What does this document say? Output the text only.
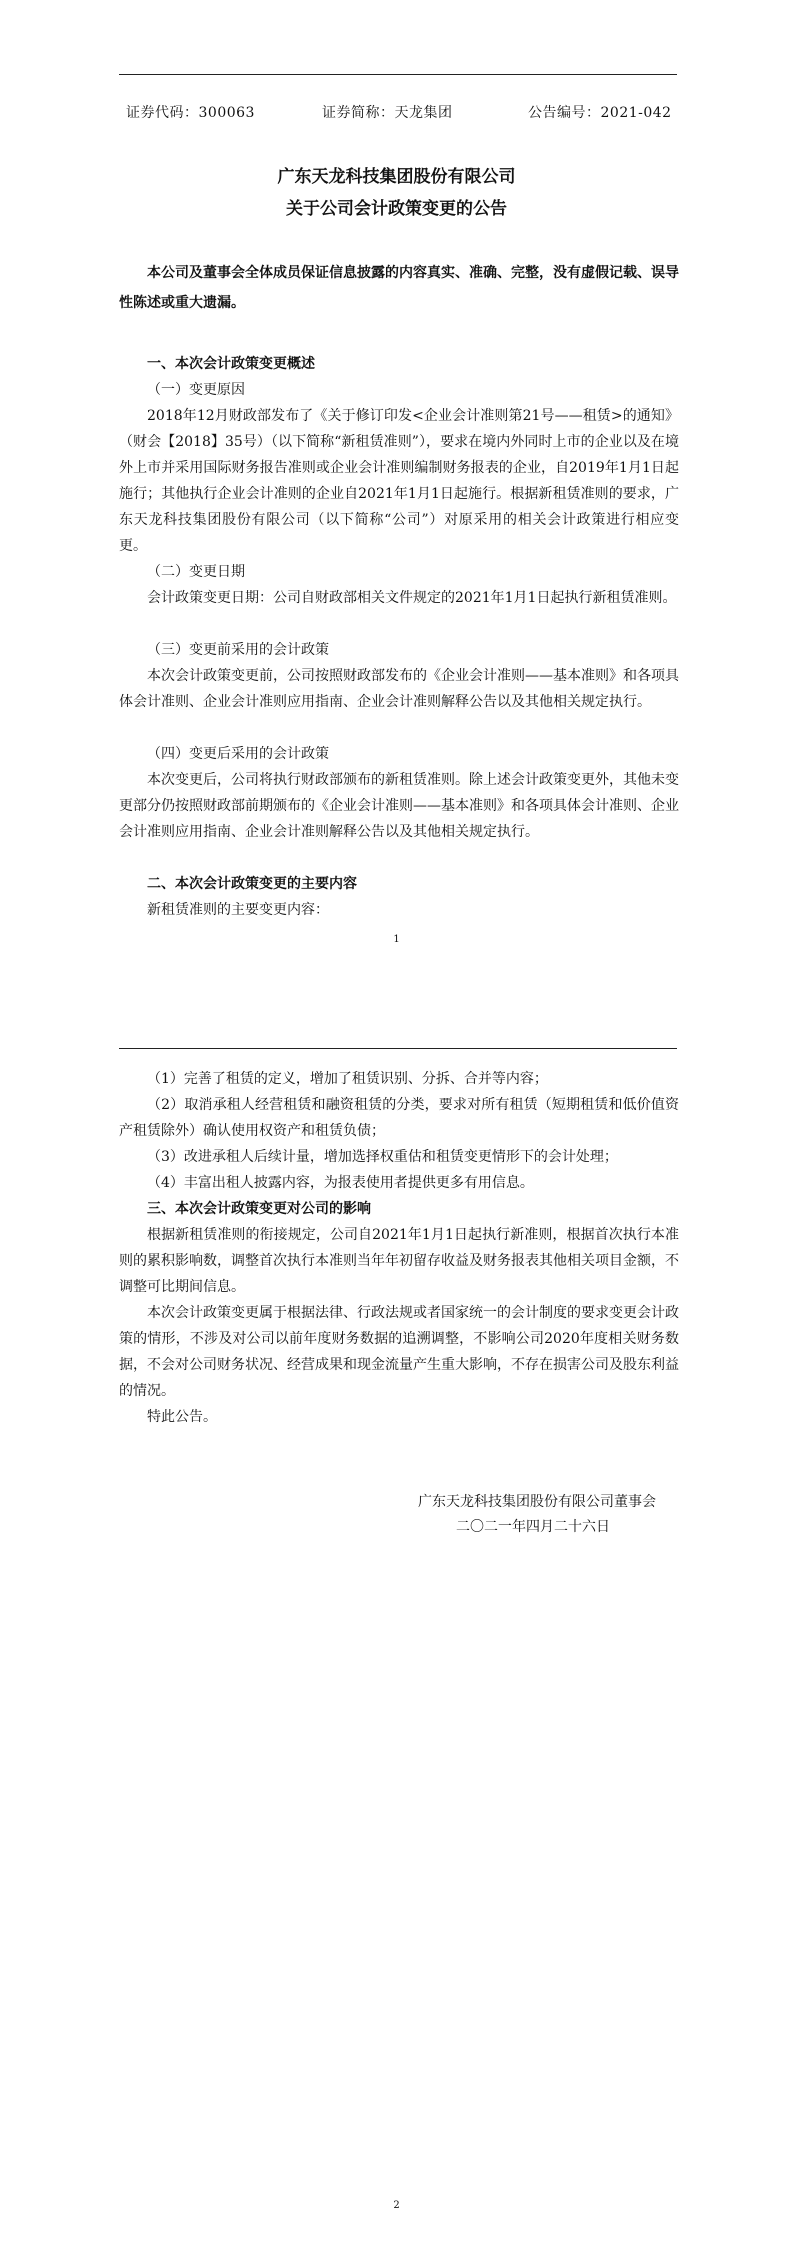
证券代码：300063	证券简称：天龙集团	公告编号：2021-042
广东天龙科技集团股份有限公司
关于公司会计政策变更的公告

本公司及董事会全体成员保证信息披露的内容真实、准确、完整，没有虚假记载、误导性陈述或重大遗漏。

一、本次会计政策变更概述

（一）变更原因

2018年12月财政部发布了《关于修订印发<企业会计准则第21号——租赁>的通知》（财会【2018】35号）（以下简称“新租赁准则”），要求在境内外同时上市的企业以及在境外上市并采用国际财务报告准则或企业会计准则编制财务报表的企业，自2019年1月1日起施行；其他执行企业会计准则的企业自2021年1月1日起施行。根据新租赁准则的要求，广东天龙科技集团股份有限公司（以下简称“公司”）对原采用的相关会计政策进行相应变更。

（二）变更日期

会计政策变更日期：公司自财政部相关文件规定的2021年1月1日起执行新租赁准则。

（三）变更前采用的会计政策

本次会计政策变更前，公司按照财政部发布的《企业会计准则——基本准则》和各项具体会计准则、企业会计准则应用指南、企业会计准则解释公告以及其他相关规定执行。

（四）变更后采用的会计政策

本次变更后，公司将执行财政部颁布的新租赁准则。除上述会计政策变更外，其他未变更部分仍按照财政部前期颁布的《企业会计准则——基本准则》和各项具体会计准则、企业会计准则应用指南、企业会计准则解释公告以及其他相关规定执行。

二、本次会计政策变更的主要内容

新租赁准则的主要变更内容：

1

（1）完善了租赁的定义，增加了租赁识别、分拆、合并等内容；

（2）取消承租人经营租赁和融资租赁的分类，要求对所有租赁（短期租赁和低价值资产租赁除外）确认使用权资产和租赁负债；

（3）改进承租人后续计量，增加选择权重估和租赁变更情形下的会计处理；

（4）丰富出租人披露内容，为报表使用者提供更多有用信息。

三、本次会计政策变更对公司的影响

根据新租赁准则的衔接规定，公司自2021年1月1日起执行新准则，根据首次执行本准则的累积影响数，调整首次执行本准则当年年初留存收益及财务报表其他相关项目金额，不调整可比期间信息。

本次会计政策变更属于根据法律、行政法规或者国家统一的会计制度的要求变更会计政策的情形，不涉及对公司以前年度财务数据的追溯调整，不影响公司2020年度相关财务数据，不会对公司财务状况、经营成果和现金流量产生重大影响，不存在损害公司及股东利益的情况。

特此公告。

广东天龙科技集团股份有限公司董事会
二〇二一年四月二十六日
2
